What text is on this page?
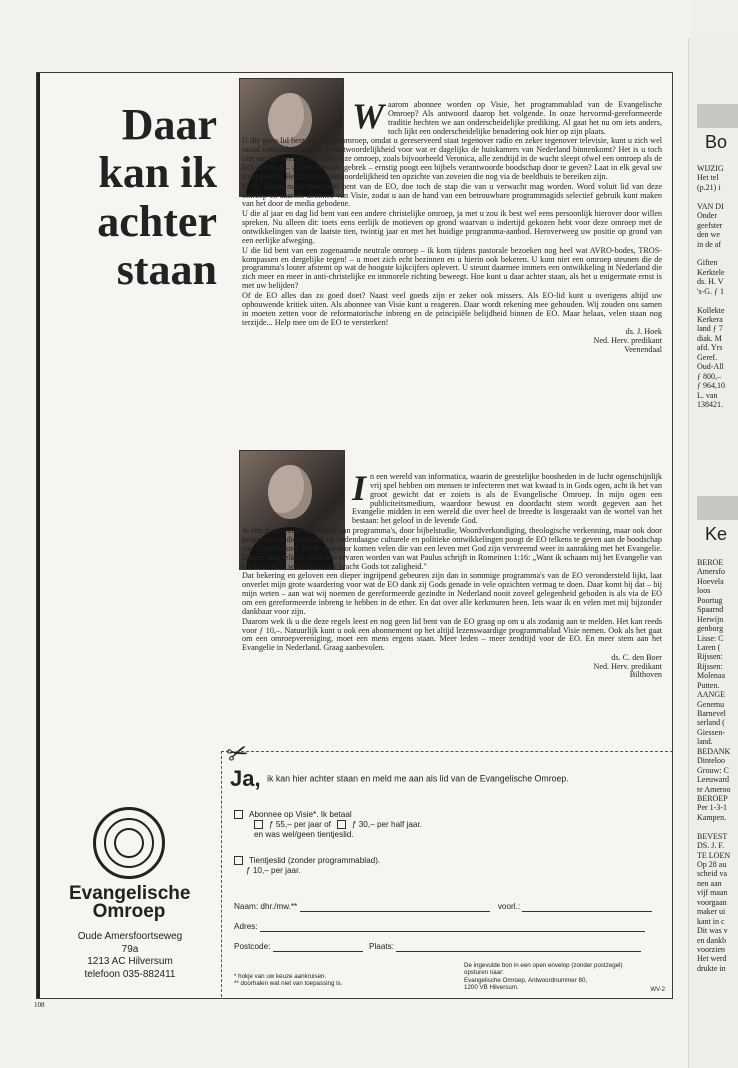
108
Daar
kan ik
achter
staan
W aarom abonnee worden op Visie, het programmablad van de Evangelische Omroep? Als antwoord daarop het volgende. In onze hervormd-gereformeerde traditie hechten we aan onderscheidelijke prediking. Al gaat het nu om iets anders, toch lijkt een onderscheidelijke benadering ook hier op zijn plaats.

U die geen lid bent van enige omroep, omdat u gereserveerd staat tegenover radio en zeker tegenover televisie, kunt u zich wel totaal onttrekken aan de verantwoordelijkheid voor wat er dagelijks de huiskamers van Nederland binnenkomt? Het is u toch niet om het even of een normloze omroep, zoals bijvoorbeeld Veronica, alle zendtijd in de wacht sleept ofwel een omroep als de EO, die toch – zij het met alle gebrek – ernstig poogt een bijbels verantwoorde boodschap door te geven? Laat in elk geval uw stem gelden. Besef uw verantwoordelijkheid ten opzichte van zoveien die nog via de beeldbuis te bereiken zijn.

U die alleen maar tientjeslid bent van de EO, doe toch de stap die van u verwacht mag worden. Word voluit lid van deze omroep en daarom abonnee van Visie, zodat u aan de hand van een betrouwbare programmagids selectief gebruik kunt maken van het door de media gebodene.

U die al jaar en dag lid bent van een andere christelijke omroep, ja met u zou ik best wel eens persoonlijk hierover door willen spreken. Nu alleen dit: toets eens eerlijk de motieven op grond waarvan u indertijd gekozen hebt voor deze omroep met de ontwikkelingen van de laatste tien, twintig jaar en met het huidige programma-aanbod. Heroverweeg uw positie op grond van een eerlijke afweging.

U die lid bent van een zogenaamde neutrale omroep – ik kom tijdens pastorale bezoeken nog heel wat AVRO-bodes, TROS-kompassen en dergelijke tegen! – u moet zich echt bezinnen en u hierin ook bekeren. U kunt niet een omroep steunen die de programma's louter afstemt op wat de hoogste kijkcijfers oplevert. U steunt daarmee immers een ontwikkeling in Nederland die zich meer en meer in anti-christelijke en immorele richting beweegt. Hoe kunt u daar achter staan, als het u enigermate ernst is met uw belijden?

Of de EO alles dan zo goed doet? Naast veel goeds zijn er zeker ook missers. Als EO-lid kunt u overigens altijd uw ophouwende kritiek uiten. Als abonnee van Visie kunt u reageren. Daar wordt rekening mee gehouden. Wij zouden ons samen in moeten zetten voor de reformatorische inbreng en de principiële belijdheid binnen de EO. Maar helaas, velen staan nog terzijde... Help mee om de EO te versterken!

ds. J. Hoek
Ned. Herv. predikant
Veenendaal
I n een wereld van informatica, waarin de geestelijke boosheden in de lucht ogenschijnlijk vrij spel hebben om mensen te infecteren met wat kwaad is in Gods ogen, acht ik het van groot gewicht dat er zoiets is als de Evangelische Omroep. In mijn ogen een publiciteitsmedium, waardoor bewust en doordacht stem wordt gegeven aan het Evangelie midden in een wereld die over heel de breedte is losgeraakt van de wortel van het bestaan: het geloof in de levende God.

In een grote verscheidenheid aan programma's, door bijbelstudie, Woordverkondiging, theologische verkenning, maar ook door programma's die inhaken op hedendaagse culturele en politieke ontwikkelingen poogt de EO telkens te geven aan de boodschap van Gods Woord. Mede daardoor komen velen die van een leven met God zijn vervreemd weer in aanraking met het Evangelie. Daarin mag telkens weer iets ervaren worden van wat Paulus schrijft in Romeinen 1:16: „Want ik schaam mij het Evangelie van Christus niet; want het is een kracht Gods tot zaligheid."

Dat bekering en geloven een dieper ingrijpend gebeuren zijn dan in sommige programma's van de EO verondersteld lijkt, laat onverlet mijn grote waardering voor wat de EO dank zij Gods genade in vele opzichten vermag te doen. Daar komt bij dat – bij mijn weten – aan wat wij noemen de gereformeerde gezindte in Nederland nooit zoveel gelegenheid geboden is als via de EO om een gereformeerde inbreng te hebben in de ether. En dat over alle kerkmuren heen. Iets waar ik en velen met mij bijzonder dankbaar voor zijn.

Daarom wek ik u die deze regels leest en nog geen lid bent van de EO graag op om u als zodanig aan te melden. Het kan reeds voor ƒ 10,–. Natuurlijk kunt u ook een abonnement op het altijd lezenswaardige programmablad Visie nemen. Ook als het gaat om een omroepvereniging, moet een mens ergens staan. Meer leden – meer zendtijd voor de EO. En meer stem aan het Evangelie in Nederland. Graag aanbevolen.

ds. C. den Boer
Ned. Herv. predikant
Bilthoven
✂
Ja, ik kan hier achter staan en meld me aan als lid van de Evangelische Omroep.
Abonnee op Visie*. Ik betaal
ƒ 55,– per jaar of	ƒ 30,– per half jaar.
en was wel/geen tientjeslid.
Tientjeslid (zonder programmablad).
ƒ 10,– per jaar.
Naam: dhr./mw.**	voorl.:
Adres:
Postcode:	Plaats:
* hokje van uw keuze aankruisen.
** doorhalen wat niet van toepassing is.
De ingevulde bon in een open envelop (zonder postzegel)
opsturen naar:
Evangelische Omroep, Antwoordnummer 80,
1200 VB Hilversum.	WV-2
Evangelische
Omroep
Oude Amersfoortseweg 79a
1213 AC Hilversum
telefoon 035-882411
Bo
WIJZIG
Het tel
(p.21) i

VAN DI
Onder
geefster
den we
in de af

Giften
Kerktele
ds. H. V
's-G. ƒ 1

Kollekte
Kerkera
land ƒ 7
diak. M
afd. Yrs
Geref.
Oud-All
ƒ 800,–
ƒ 964,10
L. van
138421.
Ke
BEROE
Amersfo
Hoevela
loos
Poortug
Spaarnd
Herwijn
genborg
Lisse: C
Laren (
Rijssen:
Rijssen:
Molenaa
Putten.
AANGE
Genemu
Barnevel
serland (
Giessen-
land.
BEDANK
Dinteloo
Grouw: C
Leeuward
te Ameroo
BEROEP
Per 1-3-1
Kampen.

BEVEST
DS. J. F.
TE LOEN
Op 28 au
scheid va
nen aan
vijf maan
voorgaan
maker ui
kant in c
Dit was v
en dankb
voorzien
Het werd
drukte in
